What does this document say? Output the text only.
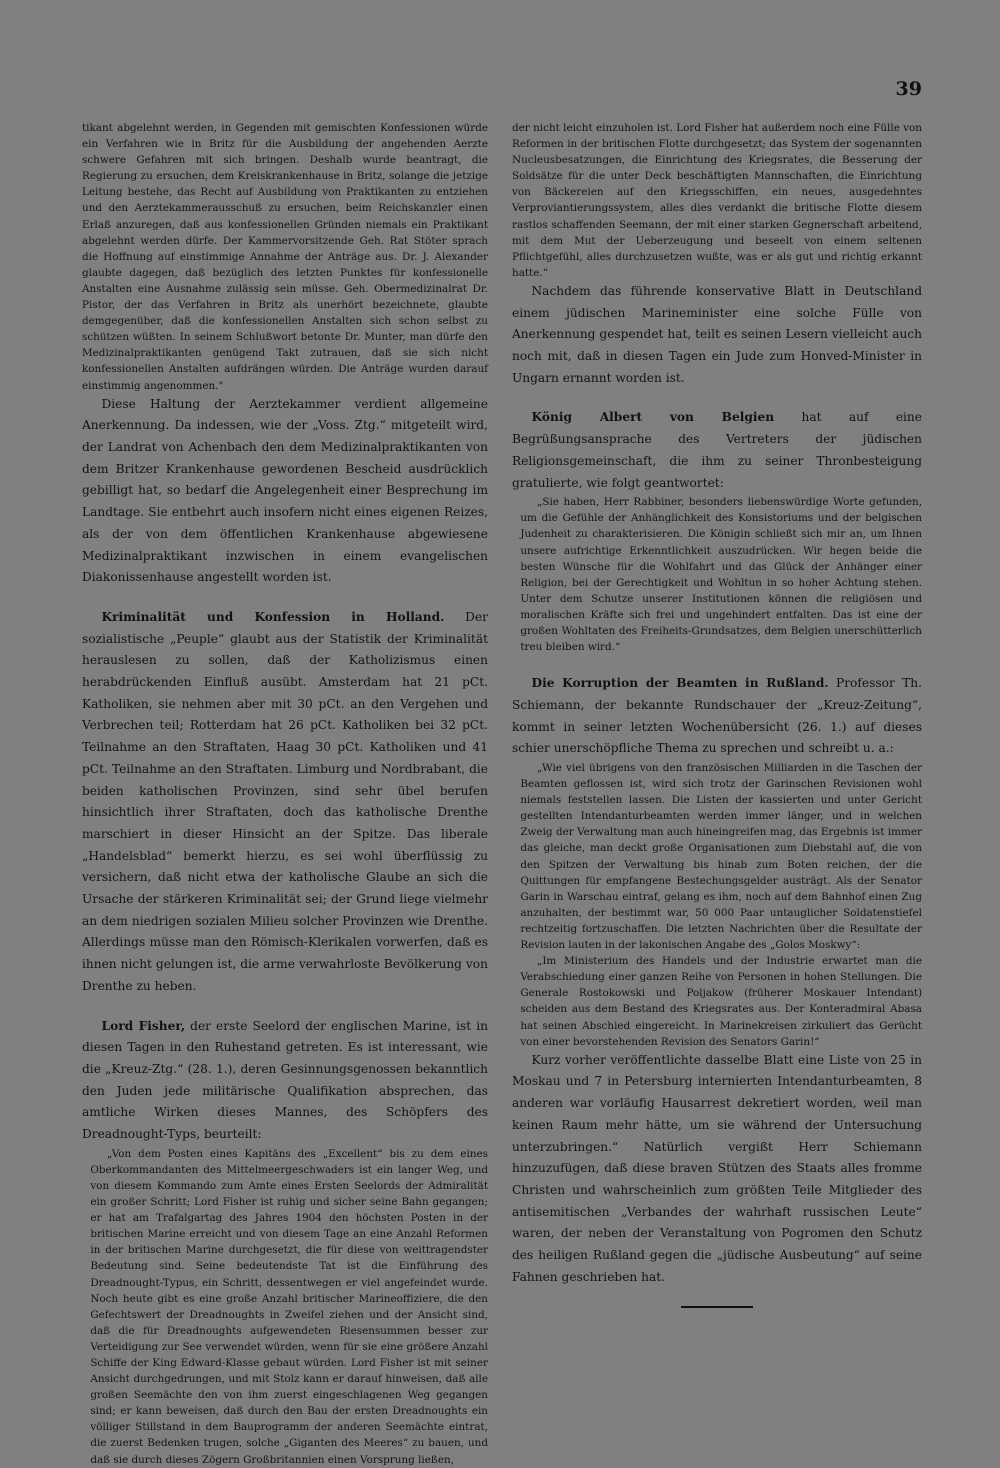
39

tikant abgelehnt werden, in Gegenden mit gemischten Konfessionen würde ein Verfahren wie in Britz für die Ausbildung der angehenden Aerzte schwere Gefahren mit sich bringen. Deshalb wurde beantragt, die Regierung zu ersuchen, dem Kreiskrankenhause in Britz, solange die jetzige Leitung bestehe, das Recht auf Ausbildung von Praktikanten zu entziehen und den Aerztekammerausschuß zu ersuchen, beim Reichskanzler einen Erlaß anzuregen, daß aus konfessionellen Gründen niemals ein Praktikant abgelehnt werden dürfe. Der Kammervorsitzende Geh. Rat Stöter sprach die Hoffnung auf einstimmige Annahme der Anträge aus. Dr. J. Alexander glaubte dagegen, daß bezüglich des letzten Punktes für konfessionelle Anstalten eine Ausnahme zulässig sein müsse. Geh. Obermedizinalrat Dr. Pistor, der das Verfahren in Britz als unerhört bezeichnete, glaubte demgegenüber, daß die konfessionellen Anstalten sich schon selbst zu schützen wüßten. In seinem Schlußwort betonte Dr. Munter, man dürfe den Medizinalpraktikanten genügend Takt zutrauen, daß sie sich nicht konfessionellen Anstalten aufdrängen würden. Die Anträge wurden darauf einstimmig angenommen."

Diese Haltung der Aerztekammer verdient allgemeine Anerkennung. Da indessen, wie der „Voss. Ztg.“ mitgeteilt wird, der Landrat von Achenbach den dem Medizinalpraktikanten von dem Britzer Krankenhause gewordenen Bescheid ausdrücklich gebilligt hat, so bedarf die Angelegenheit einer Besprechung im Landtage. Sie entbehrt auch insofern nicht eines eigenen Reizes, als der von dem öffentlichen Krankenhause abgewiesene Medizinalpraktikant inzwischen in einem evangelischen Diakonissenhause angestellt worden ist.

Kriminalität und Konfession in Holland. Der sozialistische „Peuple“ glaubt aus der Statistik der Kriminalität herauslesen zu sollen, daß der Katholizismus einen herabdrückenden Einfluß ausübt. Amsterdam hat 21 pCt. Katholiken, sie nehmen aber mit 30 pCt. an den Vergehen und Verbrechen teil; Rotterdam hat 26 pCt. Katholiken bei 32 pCt. Teilnahme an den Straftaten, Haag 30 pCt. Katholiken und 41 pCt. Teilnahme an den Straftaten. Limburg und Nordbrabant, die beiden katholischen Provinzen, sind sehr übel berufen hinsichtlich ihrer Straftaten, doch das katholische Drenthe marschiert in dieser Hinsicht an der Spitze. Das liberale „Handelsblad“ bemerkt hierzu, es sei wohl überflüssig zu versichern, daß nicht etwa der katholische Glaube an sich die Ursache der stärkeren Kriminalität sei; der Grund liege vielmehr an dem niedrigen sozialen Milieu solcher Provinzen wie Drenthe. Allerdings müsse man den Römisch-Klerikalen vorwerfen, daß es ihnen nicht gelungen ist, die arme verwahrloste Bevölkerung von Drenthe zu heben.

Lord Fisher, der erste Seelord der englischen Marine, ist in diesen Tagen in den Ruhestand getreten. Es ist interessant, wie die „Kreuz-Ztg.“ (28. 1.), deren Gesinnungsgenossen bekanntlich den Juden jede militärische Qualifikation absprechen, das amtliche Wirken dieses Mannes, des Schöpfers des Dreadnought-Typs, beurteilt:

„Von dem Posten eines Kapitäns des „Excellent“ bis zu dem eines Oberkommandanten des Mittelmeergeschwaders ist ein langer Weg, und von diesem Kommando zum Amte eines Ersten Seelords der Admiralität ein großer Schritt; Lord Fisher ist ruhig und sicher seine Bahn gegangen; er hat am Trafalgartag des Jahres 1904 den höchsten Posten in der britischen Marine erreicht und von diesem Tage an eine Anzahl Reformen in der britischen Marine durchgesetzt, die für diese von weittragendster Bedeutung sind. Seine bedeutendste Tat ist die Einführung des Dreadnought-Typus, ein Schritt, dessentwegen er viel angefeindet wurde. Noch heute gibt es eine große Anzahl britischer Marineoffiziere, die den Gefechtswert der Dreadnoughts in Zweifel ziehen und der Ansicht sind, daß die für Dreadnoughts aufgewendeten Riesensummen besser zur Verteidigung zur See verwendet würden, wenn für sie eine größere Anzahl Schiffe der King Edward-Klasse gebaut würden. Lord Fisher ist mit seiner Ansicht durchgedrungen, und mit Stolz kann er darauf hinweisen, daß alle großen Seemächte den von ihm zuerst eingeschlagenen Weg gegangen sind; er kann beweisen, daß durch den Bau der ersten Dreadnoughts ein völliger Stillstand in dem Bauprogramm der anderen Seemächte eintrat, die zuerst Bedenken trugen, solche „Giganten des Meeres“ zu bauen, und daß sie durch dieses Zögern Großbritannien einen Vorsprung ließen,

der nicht leicht einzuholen ist. Lord Fisher hat außerdem noch eine Fülle von Reformen in der britischen Flotte durchgesetzt; das System der sogenannten Nucleusbesatzungen, die Einrichtung des Kriegsrates, die Besserung der Soldsätze für die unter Deck beschäftigten Mannschaften, die Einrichtung von Bäckereien auf den Kriegsschiffen, ein neues, ausgedehntes Verproviantierungssystem, alles dies verdankt die britische Flotte diesem rastlos schaffenden Seemann, der mit einer starken Gegnerschaft arbeitend, mit dem Mut der Ueberzeugung und beseelt von einem seltenen Pflichtgefühl, alles durchzusetzen wußte, was er als gut und richtig erkannt hatte.“

Nachdem das führende konservative Blatt in Deutschland einem jüdischen Marineminister eine solche Fülle von Anerkennung gespendet hat, teilt es seinen Lesern vielleicht auch noch mit, daß in diesen Tagen ein Jude zum Honved-Minister in Ungarn ernannt worden ist.

König Albert von Belgien hat auf eine Begrüßungsansprache des Vertreters der jüdischen Religionsgemeinschaft, die ihm zu seiner Thronbesteigung gratulierte, wie folgt geantwortet:

„Sie haben, Herr Rabbiner, besonders liebenswürdige Worte gefunden, um die Gefühle der Anhänglichkeit des Konsistoriums und der belgischen Judenheit zu charakterisieren. Die Königin schließt sich mir an, um Ihnen unsere aufrichtige Erkenntlichkeit auszudrücken. Wir hegen beide die besten Wünsche für die Wohlfahrt und das Glück der Anhänger einer Religion, bei der Gerechtigkeit und Wohltun in so hoher Achtung stehen. Unter dem Schutze unserer Institutionen können die religiösen und moralischen Kräfte sich frei und ungehindert entfalten. Das ist eine der großen Wohltaten des Freiheits-Grundsatzes, dem Belgien unerschütterlich treu bleiben wird.“

Die Korruption der Beamten in Rußland. Professor Th. Schiemann, der bekannte Rundschauer der „Kreuz-Zeitung“, kommt in seiner letzten Wochenübersicht (26. 1.) auf dieses schier unerschöpfliche Thema zu sprechen und schreibt u. a.:

„Wie viel übrigens von den französischen Milliarden in die Taschen der Beamten geflossen ist, wird sich trotz der Garinschen Revisionen wohl niemals feststellen lassen. Die Listen der kassierten und unter Gericht gestellten Intendanturbeamten werden immer länger, und in welchen Zweig der Verwaltung man auch hineingreifen mag, das Ergebnis ist immer das gleiche, man deckt große Organisationen zum Diebstahl auf, die von den Spitzen der Verwaltung bis hinab zum Boten reichen, der die Quittungen für empfangene Bestechungsgelder austrägt. Als der Senator Garin in Warschau eintraf, gelang es ihm, noch auf dem Bahnhof einen Zug anzuhalten, der bestimmt war, 50 000 Paar untauglicher Soldatenstiefel rechtzeitig fortzuschaffen. Die letzten Nachrichten über die Resultate der Revision lauten in der lakonischen Angabe des „Golos Moskwy“:

„Im Ministerium des Handels und der Industrie erwartet man die Verabschiedung einer ganzen Reihe von Personen in hohen Stellungen. Die Generale Rostokowski und Poljakow (früherer Moskauer Intendant) scheiden aus dem Bestand des Kriegsrates aus. Der Konteradmiral Abasa hat seinen Abschied eingereicht. In Marinekreisen zirkuliert das Gerücht von einer bevorstehenden Revision des Senators Garin!“

Kurz vorher veröffentlichte dasselbe Blatt eine Liste von 25 in Moskau und 7 in Petersburg internierten Intendanturbeamten, 8 anderen war vorläufig Hausarrest dekretiert worden, weil man keinen Raum mehr hätte, um sie während der Untersuchung unterzubringen.“ Natürlich vergißt Herr Schiemann hinzuzufügen, daß diese braven Stützen des Staats alles fromme Christen und wahrscheinlich zum größten Teile Mitglieder des antisemitischen „Verbandes der wahrhaft russischen Leute“ waren, der neben der Veranstaltung von Pogromen den Schutz des heiligen Rußland gegen die „jüdische Ausbeutung“ auf seine Fahnen geschrieben hat.
